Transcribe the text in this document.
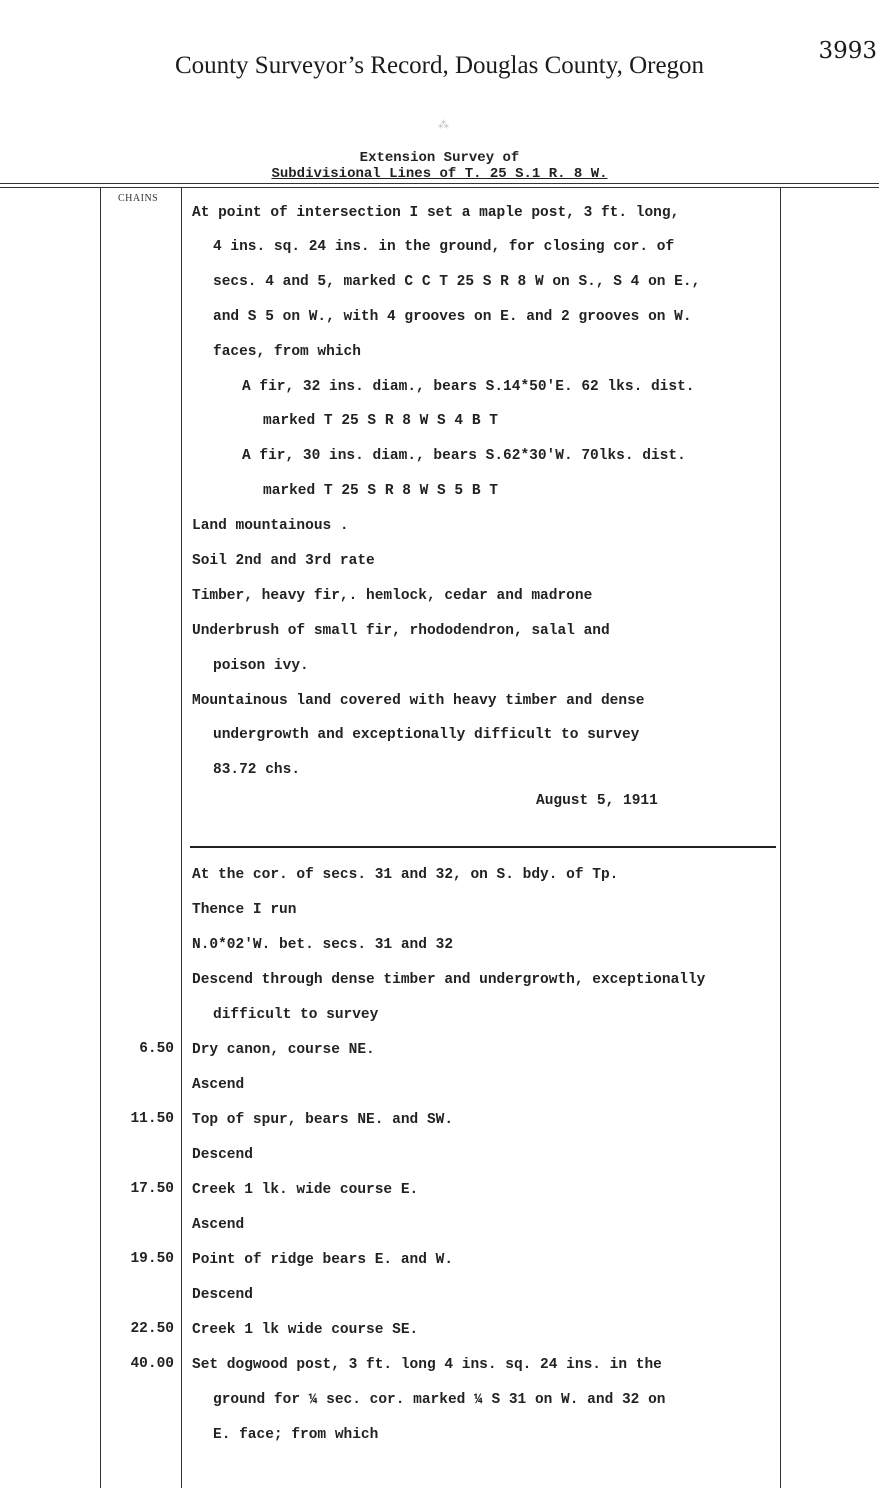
County Surveyor’s Record, Douglas County, Oregon
3993
⁂
Extension Survey of
Subdivisional Lines of T. 25 S.1 R. 8 W.
CHAINS
At point of intersection I set a maple post, 3 ft. long,
4 ins. sq. 24 ins. in the ground, for closing cor. of
secs. 4 and 5, marked C C T 25 S R 8 W on S., S 4 on E.,
and S 5 on W., with 4 grooves on E. and 2 grooves on W.
faces, from which
A fir, 32 ins. diam., bears S.14*50'E. 62 lks. dist.
marked T 25 S R 8 W S 4 B T
A fir, 30 ins. diam., bears S.62*30'W. 70lks. dist.
marked T 25 S R 8 W S 5 B T
Land mountainous .
Soil 2nd and 3rd rate
Timber, heavy fir,. hemlock, cedar and madrone
Underbrush of small fir, rhododendron, salal and
poison ivy.
Mountainous land covered with heavy timber and dense
undergrowth and exceptionally difficult to survey
83.72 chs.
August 5, 1911
At the cor. of secs. 31 and 32, on S. bdy. of Tp.
Thence I run
N.0*02'W. bet. secs. 31 and 32
Descend through dense timber and undergrowth, exceptionally
difficult to survey
6.50 Dry canon, course NE.
Ascend
11.50 Top of spur, bears NE. and SW.
Descend
17.50 Creek 1 lk. wide course E.
Ascend
19.50 Point of ridge bears E. and W.
Descend
22.50 Creek 1 lk wide course SE.
40.00 Set dogwood post, 3 ft. long 4 ins. sq. 24 ins. in the
ground for ¼ sec. cor. marked ¼ S 31 on W. and 32 on
E. face; from which
